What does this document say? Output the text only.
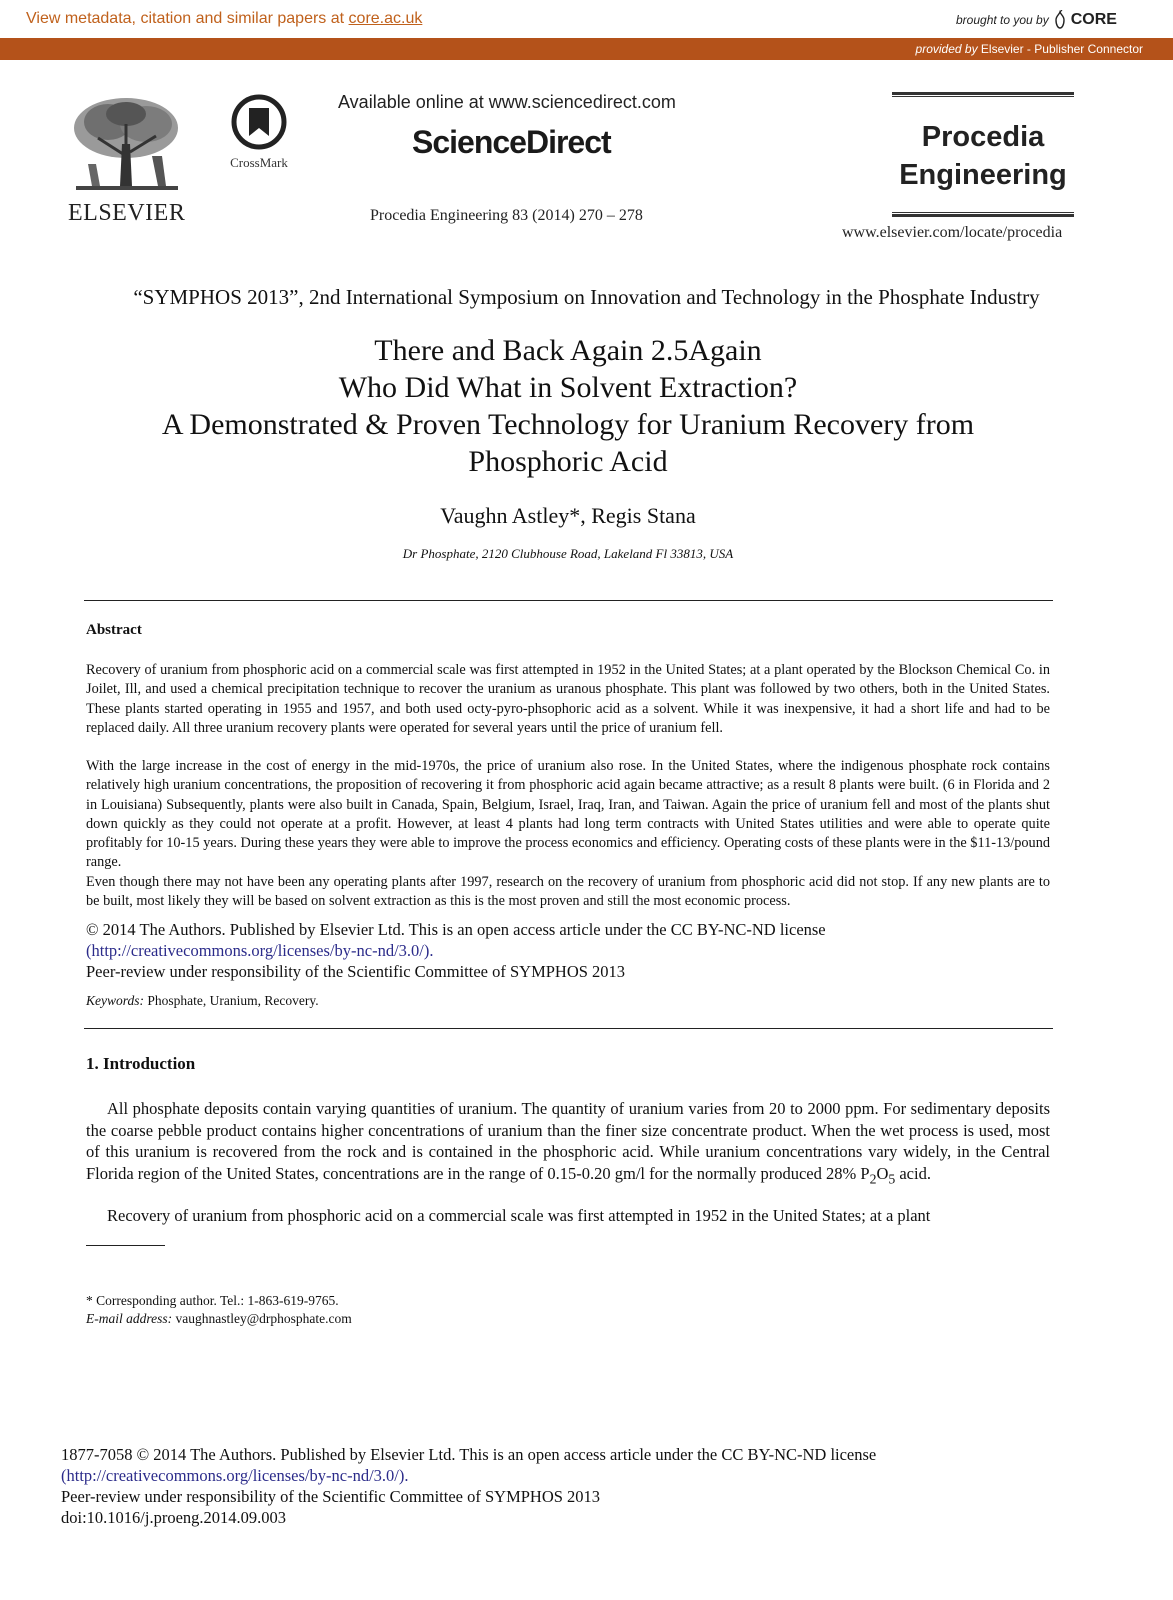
View metadata, citation and similar papers at core.ac.uk	brought to you by CORE
provided by Elsevier - Publisher Connector
ELSEVIER
CrossMark
Available online at www.sciencedirect.com
ScienceDirect
Procedia Engineering 83 (2014) 270 – 278
Procedia
Engineering
www.elsevier.com/locate/procedia
“SYMPHOS 2013”, 2nd International Symposium on Innovation and Technology in the Phosphate Industry
There and Back Again 2.5Again
Who Did What in Solvent Extraction?
A Demonstrated & Proven Technology for Uranium Recovery from
Phosphoric Acid
Vaughn Astley*, Regis Stana
Dr Phosphate, 2120 Clubhouse Road, Lakeland Fl 33813, USA
Abstract
Recovery of uranium from phosphoric acid on a commercial scale was first attempted in 1952 in the United States; at a plant operated by the Blockson Chemical Co. in Joilet, Ill, and used a chemical precipitation technique to recover the uranium as uranous phosphate. This plant was followed by two others, both in the United States. These plants started operating in 1955 and 1957, and both used octy-pyro-phsophoric acid as a solvent. While it was inexpensive, it had a short life and had to be replaced daily. All three uranium recovery plants were operated for several years until the price of uranium fell.
With the large increase in the cost of energy in the mid-1970s, the price of uranium also rose. In the United States, where the indigenous phosphate rock contains relatively high uranium concentrations, the proposition of recovering it from phosphoric acid again became attractive; as a result 8 plants were built. (6 in Florida and 2 in Louisiana) Subsequently, plants were also built in Canada, Spain, Belgium, Israel, Iraq, Iran, and Taiwan. Again the price of uranium fell and most of the plants shut down quickly as they could not operate at a profit. However, at least 4 plants had long term contracts with United States utilities and were able to operate quite profitably for 10-15 years. During these years they were able to improve the process economics and efficiency. Operating costs of these plants were in the $11-13/pound range.
Even though there may not have been any operating plants after 1997, research on the recovery of uranium from phosphoric acid did not stop. If any new plants are to be built, most likely they will be based on solvent extraction as this is the most proven and still the most economic process.
© 2014 The Authors. Published by Elsevier Ltd. This is an open access article under the CC BY-NC-ND license
(http://creativecommons.org/licenses/by-nc-nd/3.0/).
Peer-review under responsibility of the Scientific Committee of SYMPHOS 2013
Keywords: Phosphate, Uranium, Recovery.
1. Introduction
All phosphate deposits contain varying quantities of uranium. The quantity of uranium varies from 20 to 2000 ppm. For sedimentary deposits the coarse pebble product contains higher concentrations of uranium than the finer size concentrate product. When the wet process is used, most of this uranium is recovered from the rock and is contained in the phosphoric acid. While uranium concentrations vary widely, in the Central Florida region of the United States, concentrations are in the range of 0.15-0.20 gm/l for the normally produced 28% $P_2O_5$ acid.
Recovery of uranium from phosphoric acid on a commercial scale was first attempted in 1952 in the United States; at a plant
* Corresponding author. Tel.: 1-863-619-9765.
E-mail address: vaughnastley@drphosphate.com
1877-7058 © 2014 The Authors. Published by Elsevier Ltd. This is an open access article under the CC BY-NC-ND license
(http://creativecommons.org/licenses/by-nc-nd/3.0/).
Peer-review under responsibility of the Scientific Committee of SYMPHOS 2013
doi:10.1016/j.proeng.2014.09.003
